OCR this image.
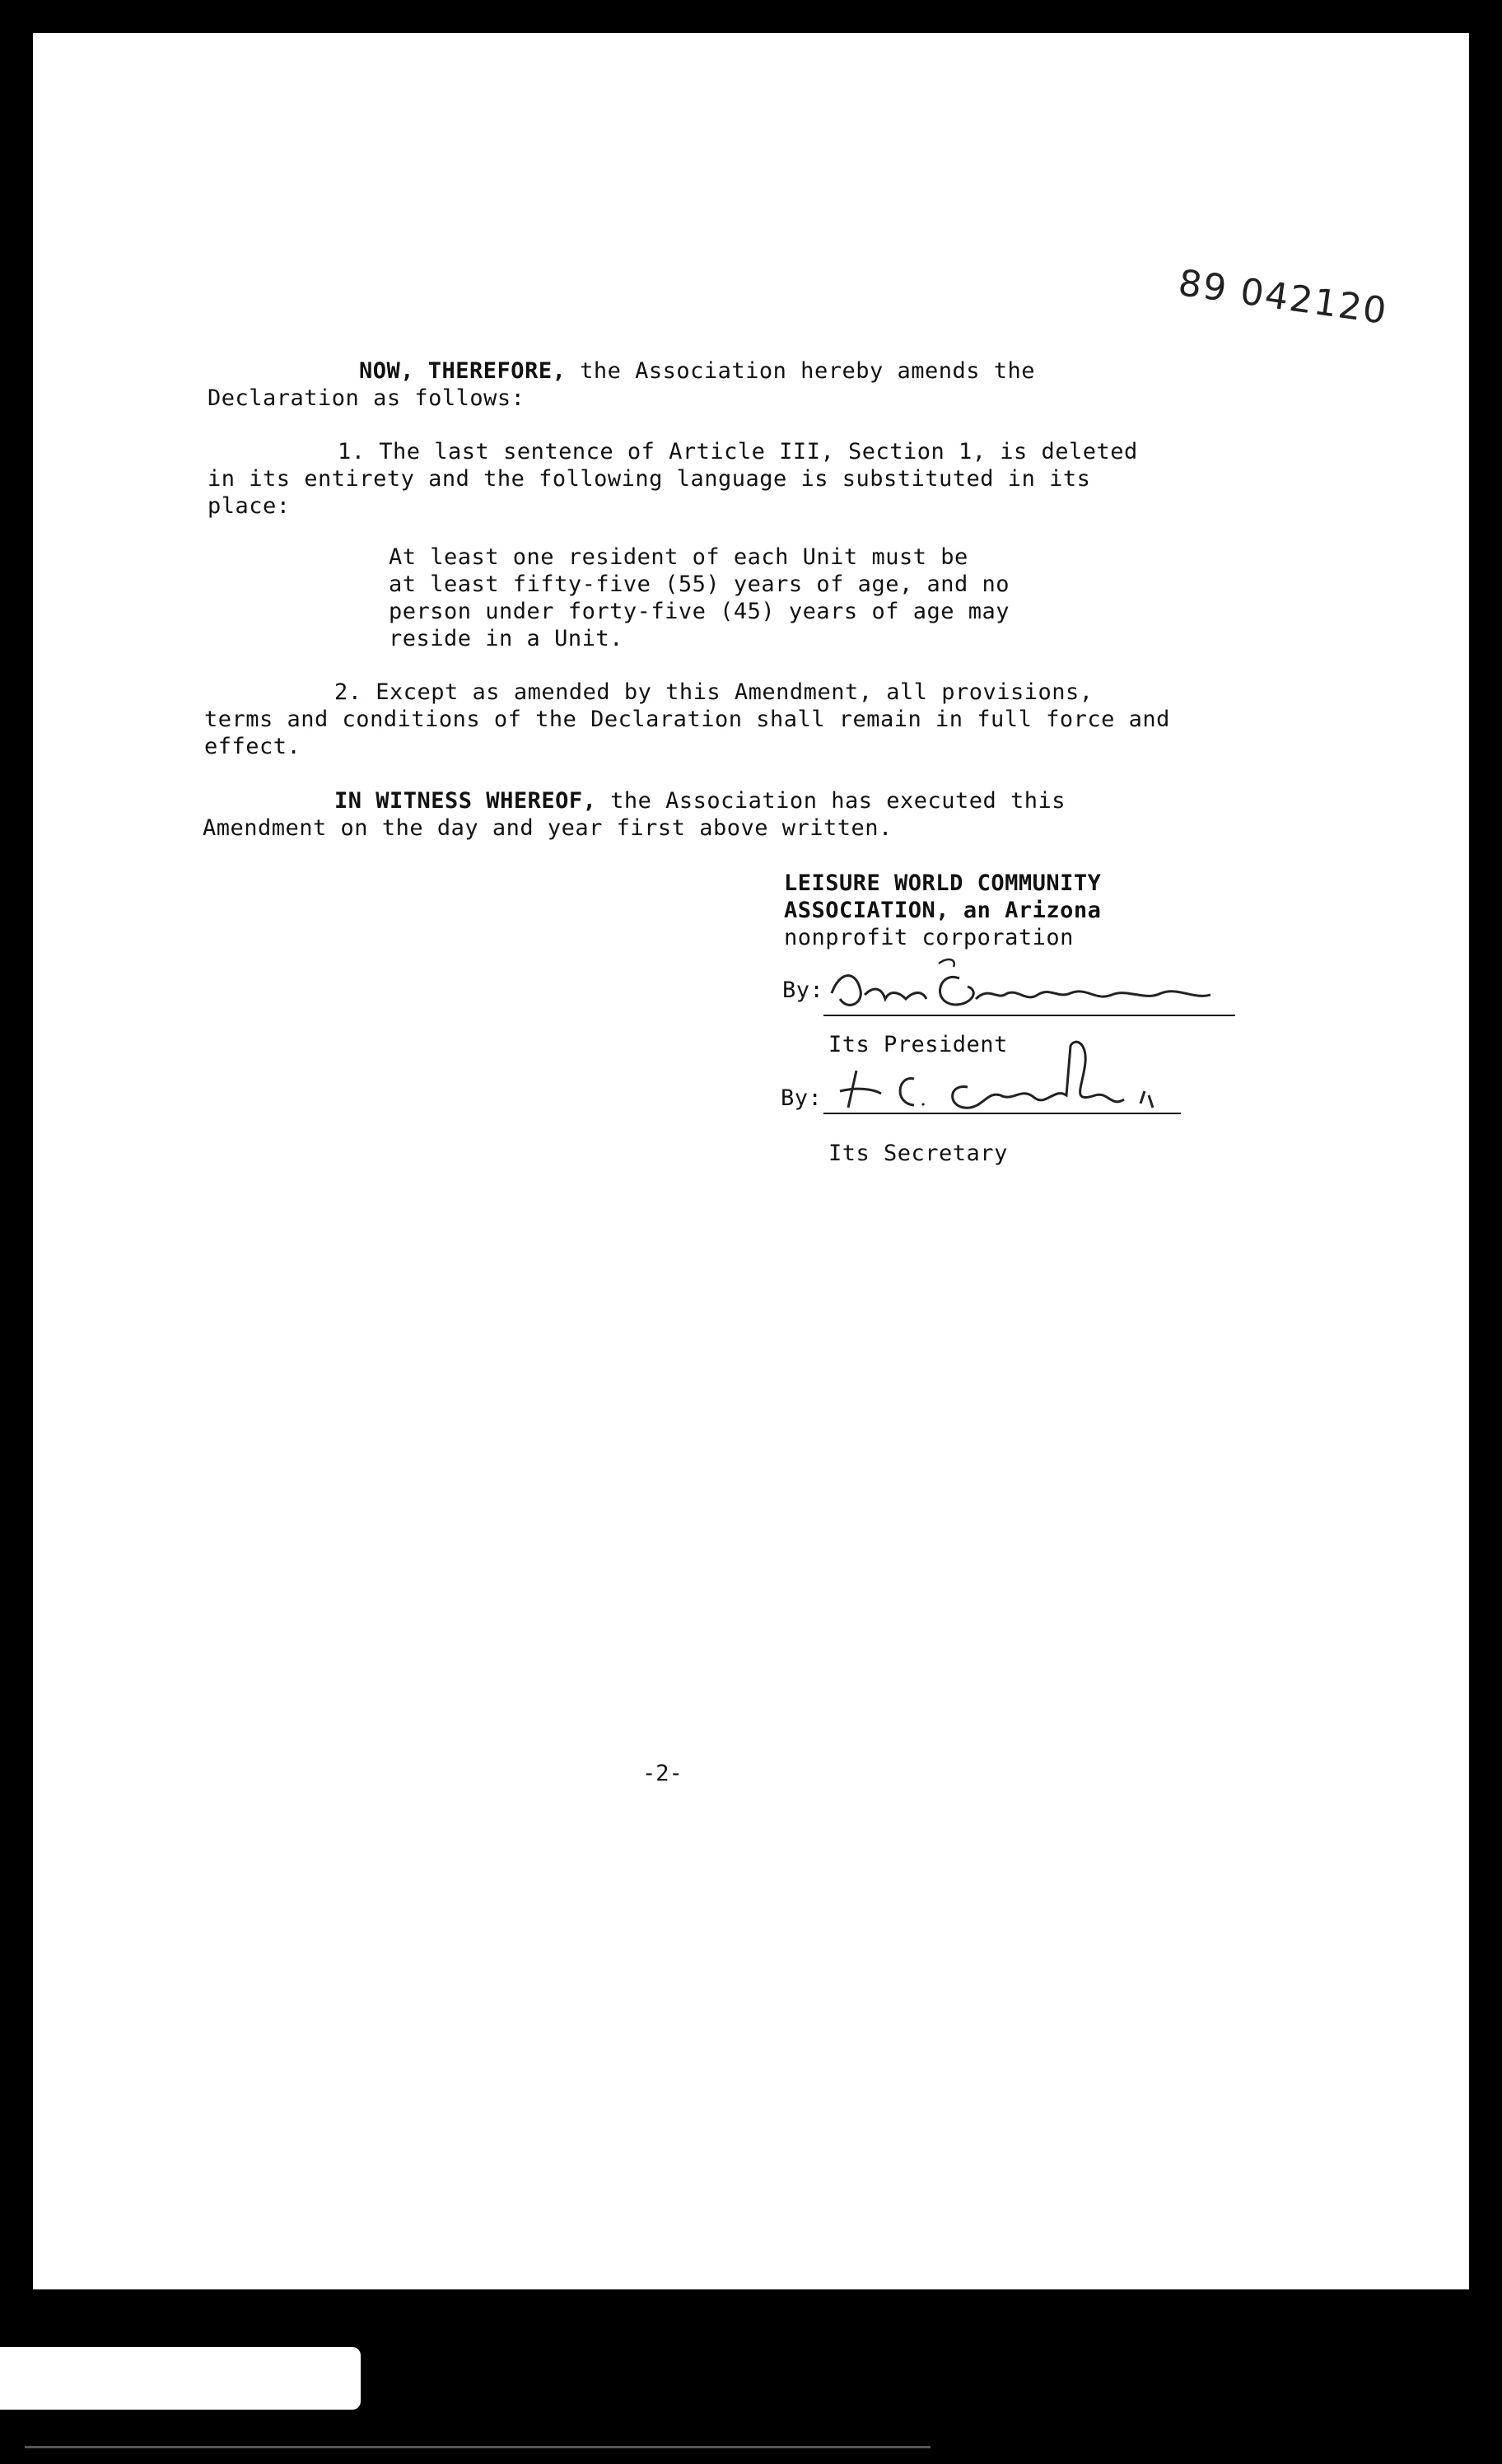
89 042120
NOW, THEREFORE, the Association hereby amends the
Declaration as follows:
1. The last sentence of Article III, Section 1, is deleted
in its entirety and the following language is substituted in its
place:
At least one resident of each Unit must be
at least fifty-five (55) years of age, and no
person under forty-five (45) years of age may
reside in a Unit.
2. Except as amended by this Amendment, all provisions,
terms and conditions of the Declaration shall remain in full force and
effect.
IN WITNESS WHEREOF, the Association has executed this
Amendment on the day and year first above written.
LEISURE WORLD COMMUNITY
ASSOCIATION, an Arizona
nonprofit corporation
By:
Its President
By:
Its Secretary
-2-
